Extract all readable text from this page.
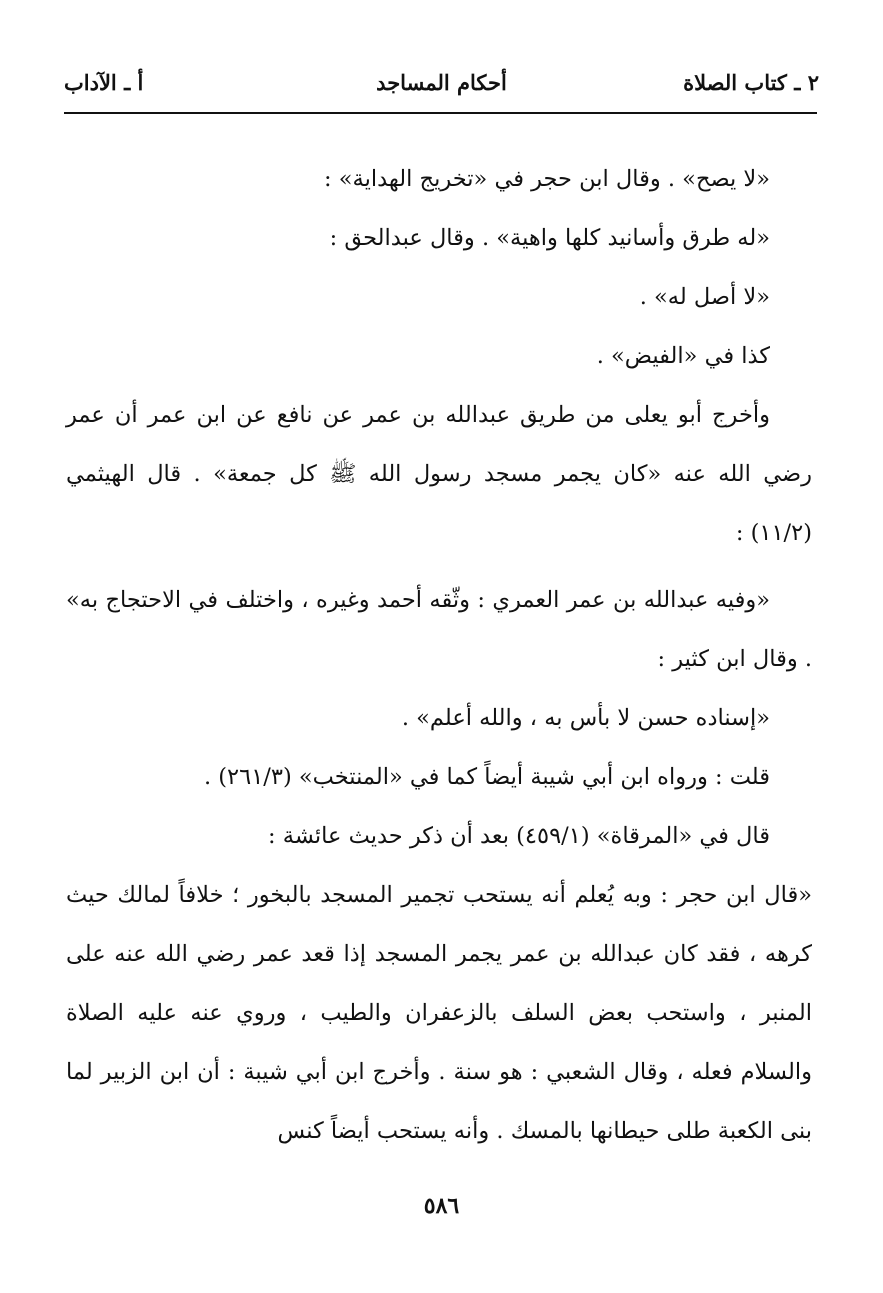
٢ ـ كتاب الصلاة
أحكام المساجد
أ ـ الآداب

«لا يصح» . وقال ابن حجر في «تخريج الهداية» :

«له طرق وأسانيد كلها واهية» . وقال عبدالحق :

«لا أصل له» .

كذا في «الفيض» .

وأخرج أبو يعلى من طريق عبدالله بن عمر عن نافع عن ابن عمر أن عمر رضي الله عنه «كان يجمر مسجد رسول الله ﷺ كل جمعة» . قال الهيثمي (١١/٢) :

«وفيه عبدالله بن عمر العمري : وثّقه أحمد وغيره ، واختلف في الاحتجاج به» . وقال ابن كثير :

«إسناده حسن لا بأس به ، والله أعلم» .

قلت : ورواه ابن أبي شيبة أيضاً كما في «المنتخب» (٢٦١/٣) .

قال في «المرقاة» (٤٥٩/١) بعد أن ذكر حديث عائشة :

«قال ابن حجر : وبه يُعلم أنه يستحب تجمير المسجد بالبخور ؛ خلافاً لمالك حيث كرهه ، فقد كان عبدالله بن عمر يجمر المسجد إذا قعد عمر رضي الله عنه على المنبر ، واستحب بعض السلف بالزعفران والطيب ، وروي عنه عليه الصلاة والسلام فعله ، وقال الشعبي : هو سنة . وأخرج ابن أبي شيبة : أن ابن الزبير لما بنى الكعبة طلى حيطانها بالمسك . وأنه يستحب أيضاً كنس

٥٨٦
